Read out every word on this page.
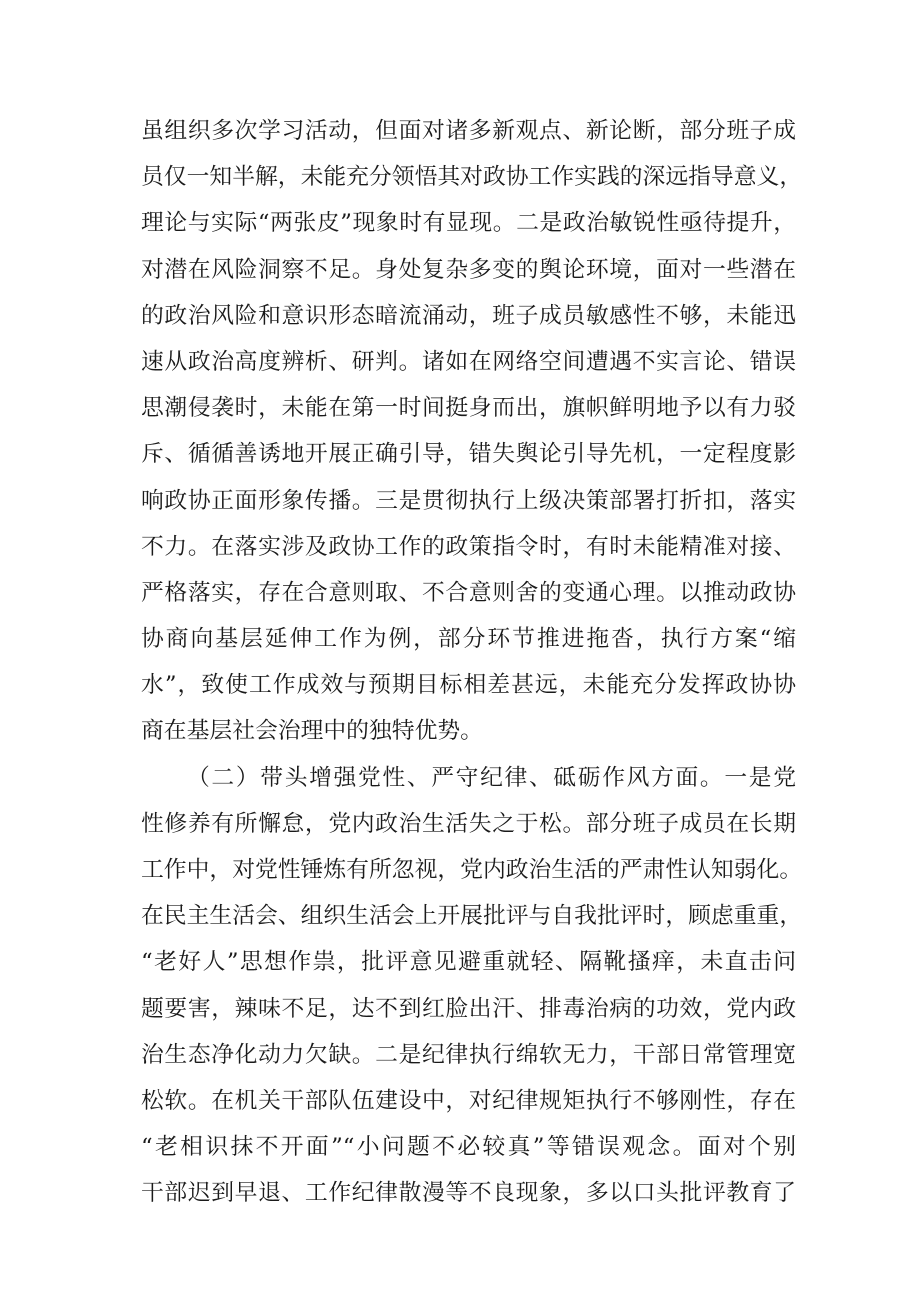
虽组织多次学习活动，但面对诸多新观点、新论断，部分班子成
员仅一知半解，未能充分领悟其对政协工作实践的深远指导意义，
理论与实际“两张皮”现象时有显现。二是政治敏锐性亟待提升，
对潜在风险洞察不足。身处复杂多变的舆论环境，面对一些潜在
的政治风险和意识形态暗流涌动，班子成员敏感性不够，未能迅
速从政治高度辨析、研判。诸如在网络空间遭遇不实言论、错误
思潮侵袭时，未能在第一时间挺身而出，旗帜鲜明地予以有力驳
斥、循循善诱地开展正确引导，错失舆论引导先机，一定程度影
响政协正面形象传播。三是贯彻执行上级决策部署打折扣，落实
不力。在落实涉及政协工作的政策指令时，有时未能精准对接、
严格落实，存在合意则取、不合意则舍的变通心理。以推动政协
协商向基层延伸工作为例，部分环节推进拖沓，执行方案“缩
水”，致使工作成效与预期目标相差甚远，未能充分发挥政协协
商在基层社会治理中的独特优势。
（二）带头增强党性、严守纪律、砥砺作风方面。一是党
性修养有所懈怠，党内政治生活失之于松。部分班子成员在长期
工作中，对党性锤炼有所忽视，党内政治生活的严肃性认知弱化。
在民主生活会、组织生活会上开展批评与自我批评时，顾虑重重，
“老好人”思想作祟，批评意见避重就轻、隔靴搔痒，未直击问
题要害，辣味不足，达不到红脸出汗、排毒治病的功效，党内政
治生态净化动力欠缺。二是纪律执行绵软无力，干部日常管理宽
松软。在机关干部队伍建设中，对纪律规矩执行不够刚性，存在
“老相识抹不开面”“小问题不必较真”等错误观念。面对个别
干部迟到早退、工作纪律散漫等不良现象，多以口头批评教育了
